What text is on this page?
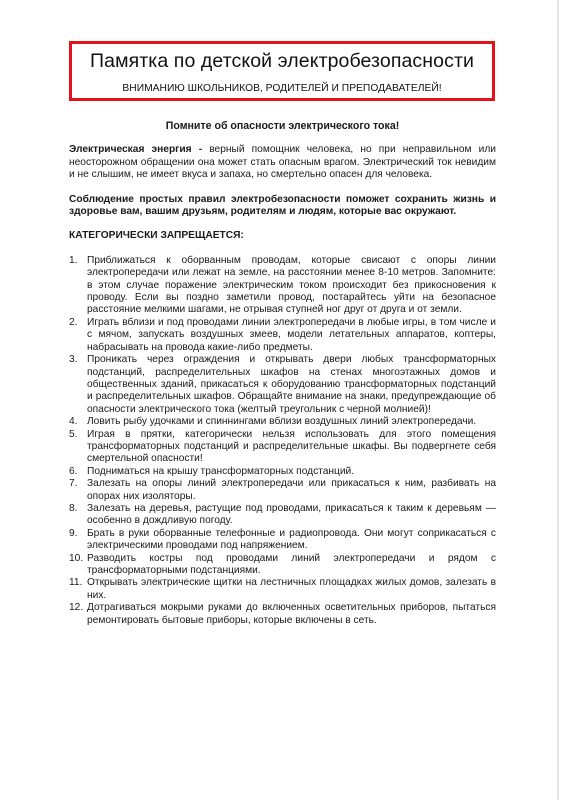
Памятка по детской электробезопасности
ВНИМАНИЮ ШКОЛЬНИКОВ, РОДИТЕЛЕЙ И ПРЕПОДАВАТЕЛЕЙ!
Помните об опасности электрического тока!

Электрическая энергия - верный помощник человека, но при неправильном или неосторожном обращении она может стать опасным врагом. Электрический ток невидим и не слышим, не имеет вкуса и запаха, но смертельно опасен для человека.

Соблюдение простых правил электробезопасности поможет сохранить жизнь и здоровье вам, вашим друзьям, родителям и людям, которые вас окружают.

КАТЕГОРИЧЕСКИ ЗАПРЕЩАЕТСЯ:

1. Приближаться к оборванным проводам, которые свисают с опоры линии электропередачи или лежат на земле, на расстоянии менее 8-10 метров. Запомните: в этом случае поражение электрическим током происходит без прикосновения к проводу. Если вы поздно заметили провод, постарайтесь уйти на безопасное расстояние мелкими шагами, не отрывая ступней ног друг от друга и от земли.
2. Играть вблизи и под проводами линии электропередачи в любые игры, в том числе и с мячом, запускать воздушных змеев, модели летательных аппаратов, коптеры, набрасывать на провода какие-либо предметы.
3. Проникать через ограждения и открывать двери любых трансформаторных подстанций, распределительных шкафов на стенах многоэтажных домов и общественных зданий, прикасаться к оборудованию трансформаторных подстанций и распределительных шкафов. Обращайте внимание на знаки, предупреждающие об опасности электрического тока (желтый треугольник с черной молнией)!
4. Ловить рыбу удочками и спиннингами вблизи воздушных линий электропередачи.
5. Играя в прятки, категорически нельзя использовать для этого помещения трансформаторных подстанций и распределительные шкафы. Вы подвергнете себя смертельной опасности!
6. Подниматься на крышу трансформаторных подстанций.
7. Залезать на опоры линий электропередачи или прикасаться к ним, разбивать на опорах них изоляторы.
8. Залезать на деревья, растущие под проводами, прикасаться к таким к деревьям — особенно в дождливую погоду.
9. Брать в руки оборванные телефонные и радиопровода. Они могут соприкасаться с электрическими проводами под напряжением.
10. Разводить костры под проводами линий электропередачи и рядом с трансформаторными подстанциями.
11. Открывать электрические щитки на лестничных площадках жилых домов, залезать в них.
12. Дотрагиваться мокрыми руками до включенных осветительных приборов, пытаться ремонтировать бытовые приборы, которые включены в сеть.
